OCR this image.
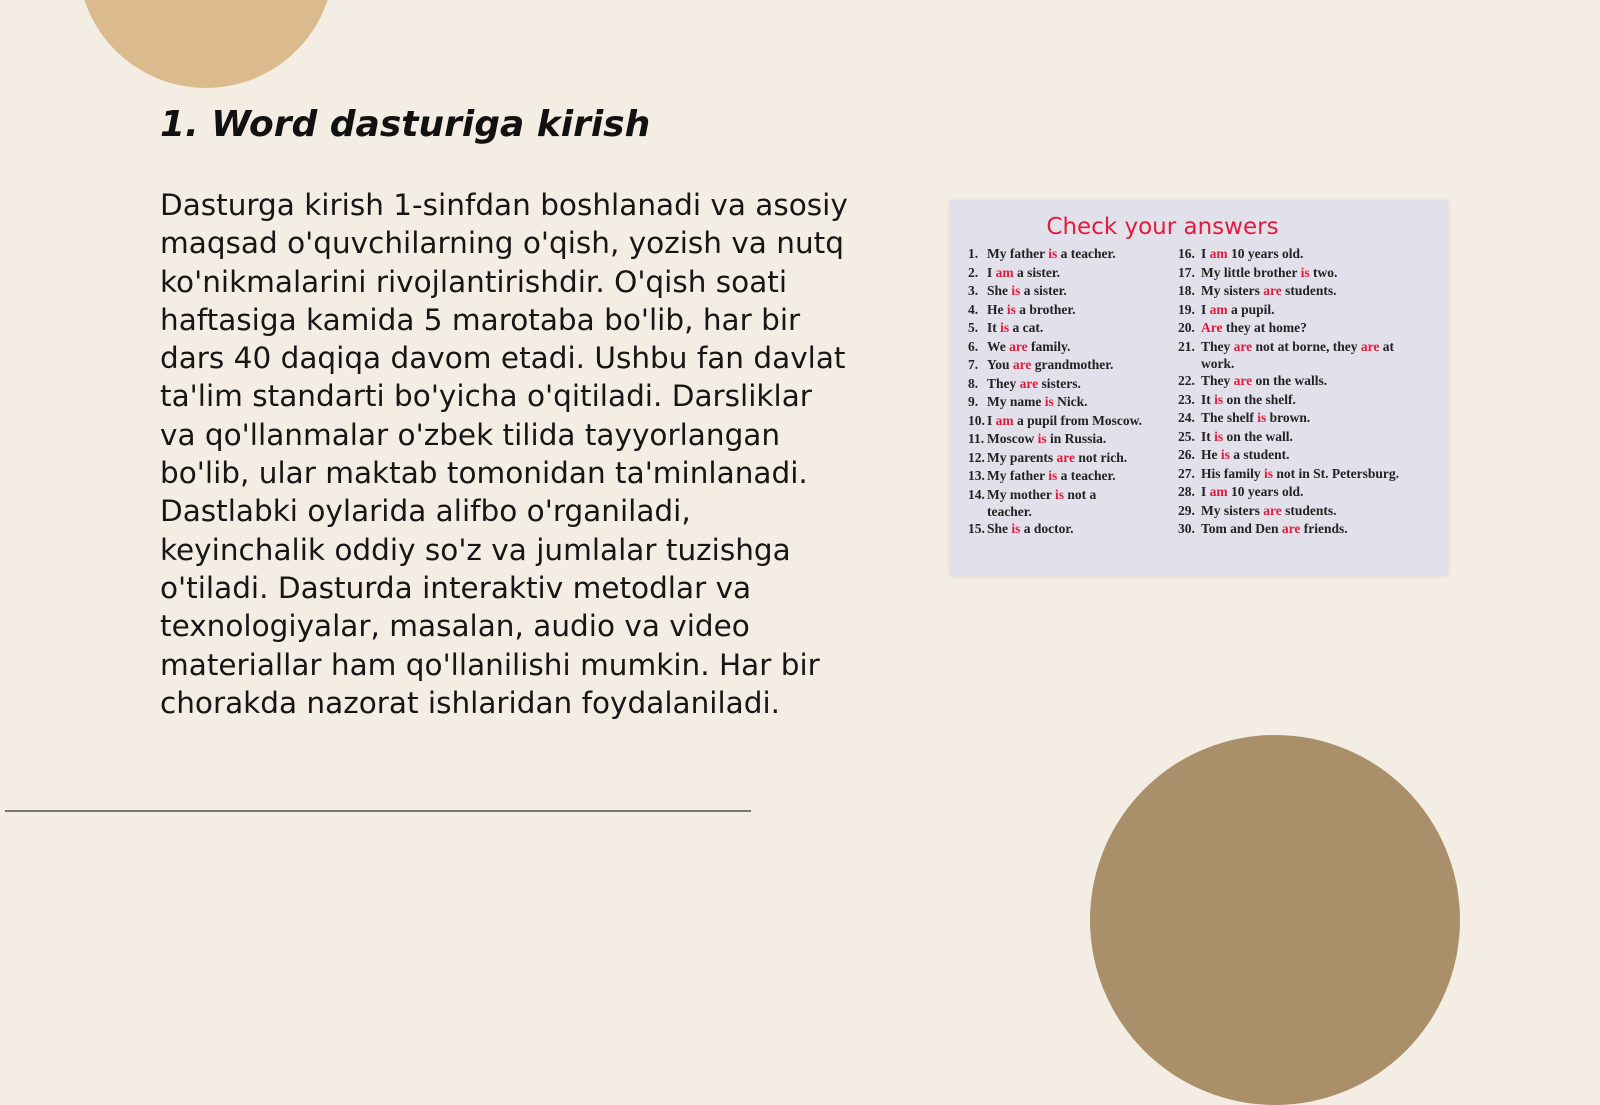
1. Word dasturiga kirish

Dasturga kirish 1-sinfdan boshlanadi va asosiy maqsad o'quvchilarning o'qish, yozish va nutq ko'nikmalarini rivojlantirishdir. O'qish soati haftasiga kamida 5 marotaba bo'lib, har bir dars 40 daqiqa davom etadi. Ushbu fan davlat ta'lim standarti bo'yicha o'qitiladi. Darsliklar va qo'llanmalar o'zbek tilida tayyorlangan bo'lib, ular maktab tomonidan ta'minlanadi. Dastlabki oylarida alifbo o'rganiladi, keyinchalik oddiy so'z va jumlalar tuzishga o'tiladi. Dasturda interaktiv metodlar va texnologiyalar, masalan, audio va video materiallar ham qo'llanilishi mumkin. Har bir chorakda nazorat ishlaridan foydalaniladi.

Check your answers
1. My father is a teacher.
2. I am a sister.
3. She is a sister.
4. He is a brother.
5. It is a cat.
6. We are family.
7. You are grandmother.
8. They are sisters.
9. My name is Nick.
10. I am a pupil from Moscow.
11. Moscow is in Russia.
12. My parents are not rich.
13. My father is a teacher.
14. My mother is not a
teacher.
15. She is a doctor.
16. I am 10 years old.
17. My little brother is two.
18. My sisters are students.
19. I am a pupil.
20. Are they at home?
21. They are not at borne, they are at
work.
22. They are on the walls.
23. It is on the shelf.
24. The shelf is brown.
25. It is on the wall.
26. He is a student.
27. His family is not in St. Petersburg.
28. I am 10 years old.
29. My sisters are students.
30. Tom and Den are friends.
